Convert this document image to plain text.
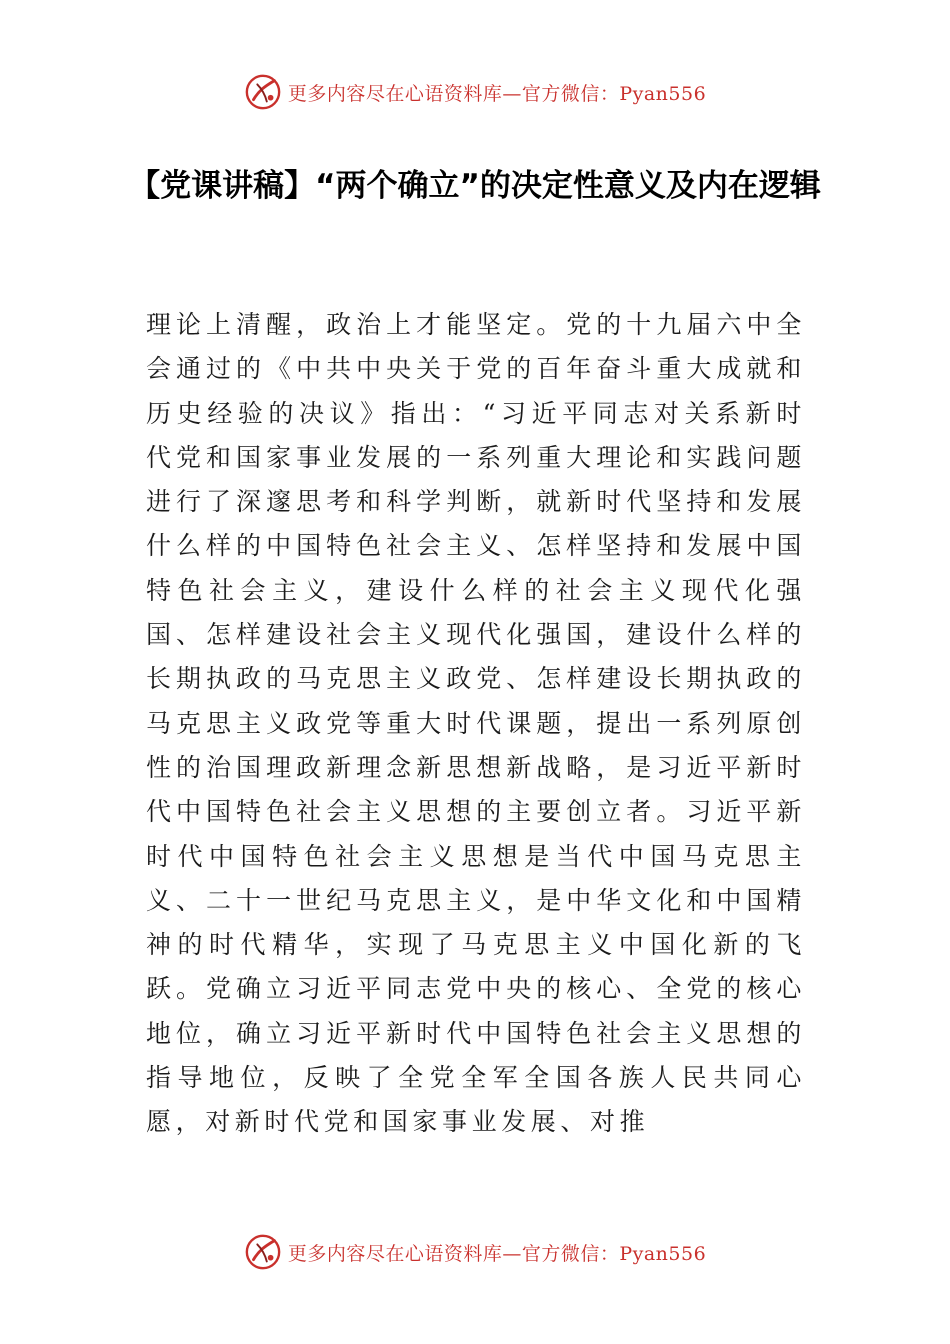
更多内容尽在心语资料库—官方微信：Pyan556
【党课讲稿】“两个确立”的决定性意义及内在逻辑

理论上清醒，政治上才能坚定。党的十九届六中全会通过的《中共中央关于党的百年奋斗重大成就和历史经验的决议》指出：“习近平同志对关系新时代党和国家事业发展的一系列重大理论和实践问题进行了深邃思考和科学判断，就新时代坚持和发展什么样的中国特色社会主义、怎样坚持和发展中国特色社会主义，建设什么样的社会主义现代化强国、怎样建设社会主义现代化强国，建设什么样的长期执政的马克思主义政党、怎样建设长期执政的马克思主义政党等重大时代课题，提出一系列原创性的治国理政新理念新思想新战略，是习近平新时代中国特色社会主义思想的主要创立者。习近平新时代中国特色社会主义思想是当代中国马克思主义、二十一世纪马克思主义，是中华文化和中国精神的时代精华，实现了马克思主义中国化新的飞跃。党确立习近平同志党中央的核心、全党的核心地位，确立习近平新时代中国特色社会主义思想的指导地位，反映了全党全军全国各族人民共同心愿，对新时代党和国家事业发展、对推

更多内容尽在心语资料库—官方微信：Pyan556
